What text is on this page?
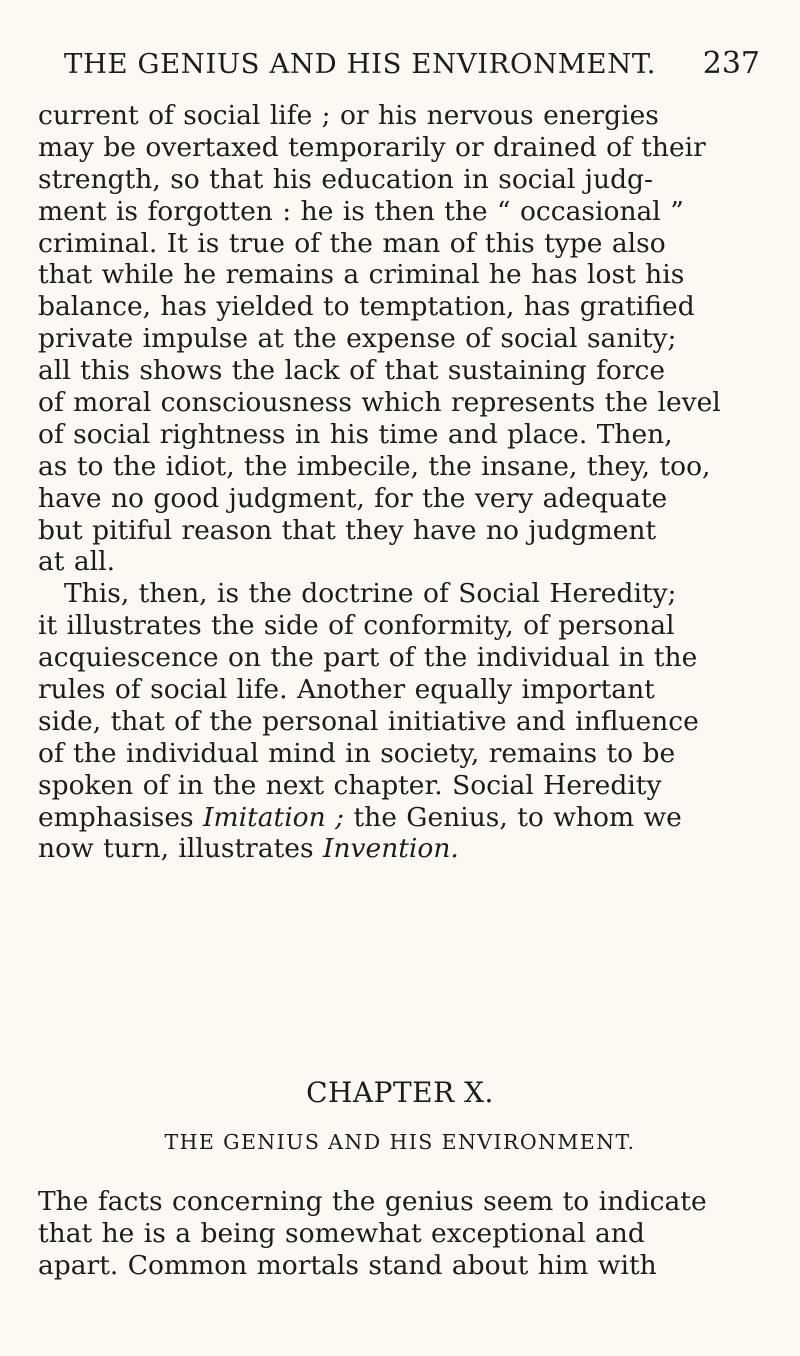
THE GENIUS AND HIS ENVIRONMENT. 237
current of social life ; or his nervous energies
may be overtaxed temporarily or drained of their
strength, so that his education in social judg-
ment is forgotten : he is then the “ occasional ”
criminal. It is true of the man of this type also
that while he remains a criminal he has lost his
balance, has yielded to temptation, has gratified
private impulse at the expense of social sanity;
all this shows the lack of that sustaining force
of moral consciousness which represents the level
of social rightness in his time and place. Then,
as to the idiot, the imbecile, the insane, they, too,
have no good judgment, for the very adequate
but pitiful reason that they have no judgment
at all.
This, then, is the doctrine of Social Heredity;
it illustrates the side of conformity, of personal
acquiescence on the part of the individual in the
rules of social life. Another equally important
side, that of the personal initiative and influence
of the individual mind in society, remains to be
spoken of in the next chapter. Social Heredity
emphasises Imitation ; the Genius, to whom we
now turn, illustrates Invention.
CHAPTER X.
THE GENIUS AND HIS ENVIRONMENT.
The facts concerning the genius seem to indicate
that he is a being somewhat exceptional and
apart. Common mortals stand about him with
